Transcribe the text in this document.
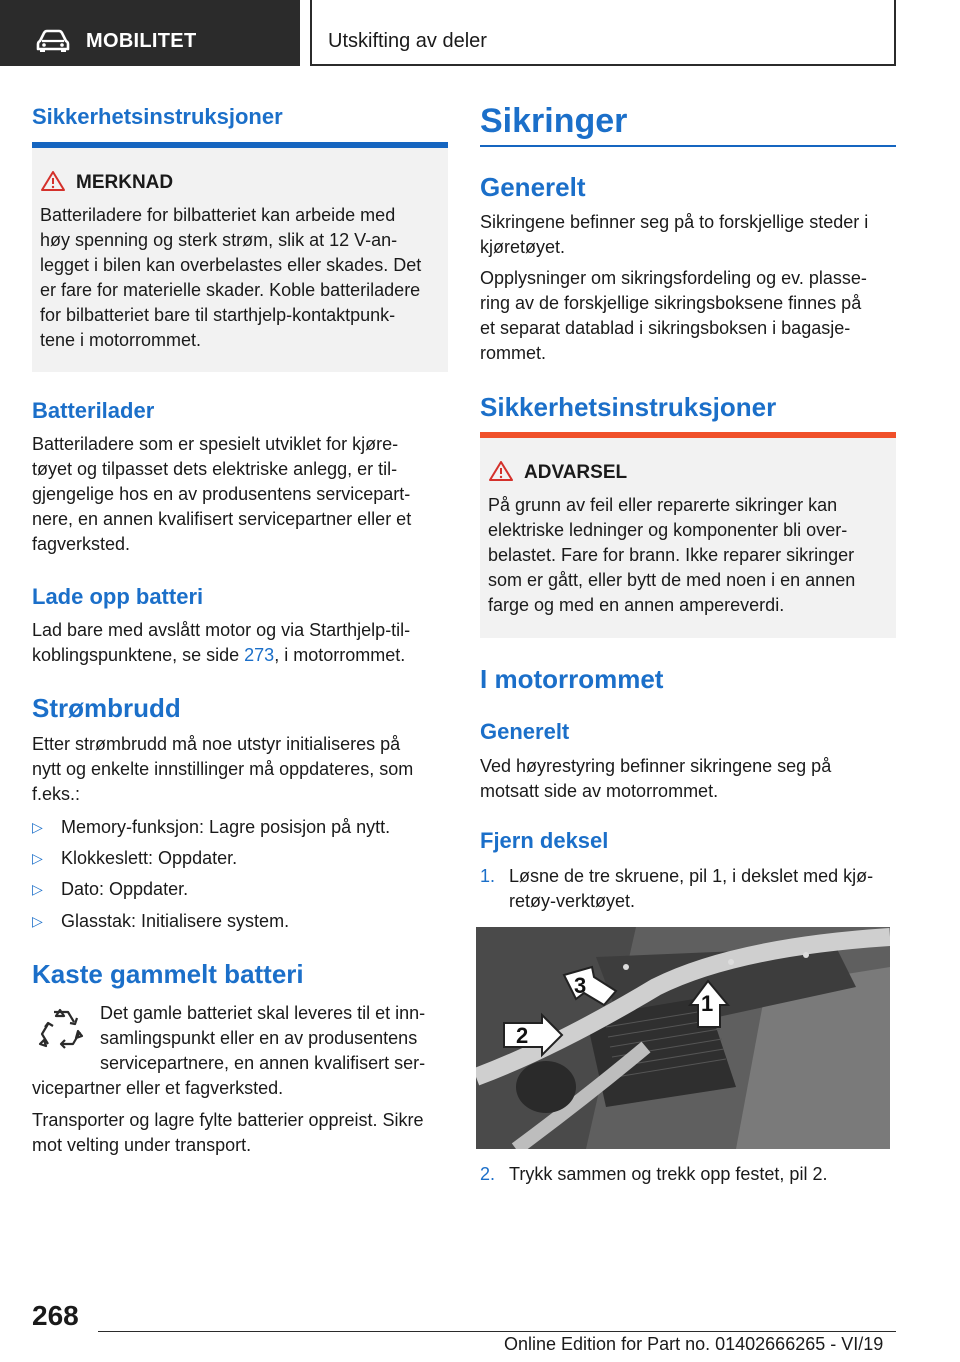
MOBILITET	Utskifting av deler
Sikkerhetsinstruksjoner
MERKNAD
Batteriladere for bilbatteriet kan arbeide med
høy spenning og sterk strøm, slik at 12 V-an-
legget i bilen kan overbelastes eller skades. Det
er fare for materielle skader. Koble batteriladere
for bilbatteriet bare til starthjelp-kontaktpunk-
tene i motorrommet.
Batterilader
Batteriladere som er spesielt utviklet for kjøre-
tøyet og tilpasset dets elektriske anlegg, er til-
gjengelige hos en av produsentens servicepart-
nere, en annen kvalifisert servicepartner eller et
fagverksted.
Lade opp batteri
Lad bare med avslått motor og via Starthjelp-til-
koblingspunktene, se side 273, i motorrommet.
Strømbrudd
Etter strømbrudd må noe utstyr initialiseres på
nytt og enkelte innstillinger må oppdateres, som
f.eks.:
▷ Memory-funksjon: Lagre posisjon på nytt.
▷ Klokkeslett: Oppdater.
▷ Dato: Oppdater.
▷ Glasstak: Initialisere system.
Kaste gammelt batteri
Det gamle batteriet skal leveres til et inn-
samlingspunkt eller en av produsentens
servicepartnere, en annen kvalifisert ser-
vicepartner eller et fagverksted.
Transporter og lagre fylte batterier oppreist. Sikre
mot velting under transport.
Sikringer
Generelt
Sikringene befinner seg på to forskjellige steder i
kjøretøyet.
Opplysninger om sikringsfordeling og ev. plasse-
ring av de forskjellige sikringsboksene finnes på
et separat datablad i sikringsboksen i bagasje-
rommet.
Sikkerhetsinstruksjoner
ADVARSEL
På grunn av feil eller reparerte sikringer kan
elektriske ledninger og komponenter bli over-
belastet. Fare for brann. Ikke reparer sikringer
som er gått, eller bytt de med noen i en annen
farge og med en annen ampereverdi.
I motorrommet
Generelt
Ved høyrestyring befinner sikringene seg på
motsatt side av motorrommet.
Fjern deksel
1. Løsne de tre skruene, pil 1, i dekslet med kjø-
retøy-verktøyet.
3
1
2
2. Trykk sammen og trekk opp festet, pil 2.
268
Online Edition for Part no. 01402666265 - VI/19
